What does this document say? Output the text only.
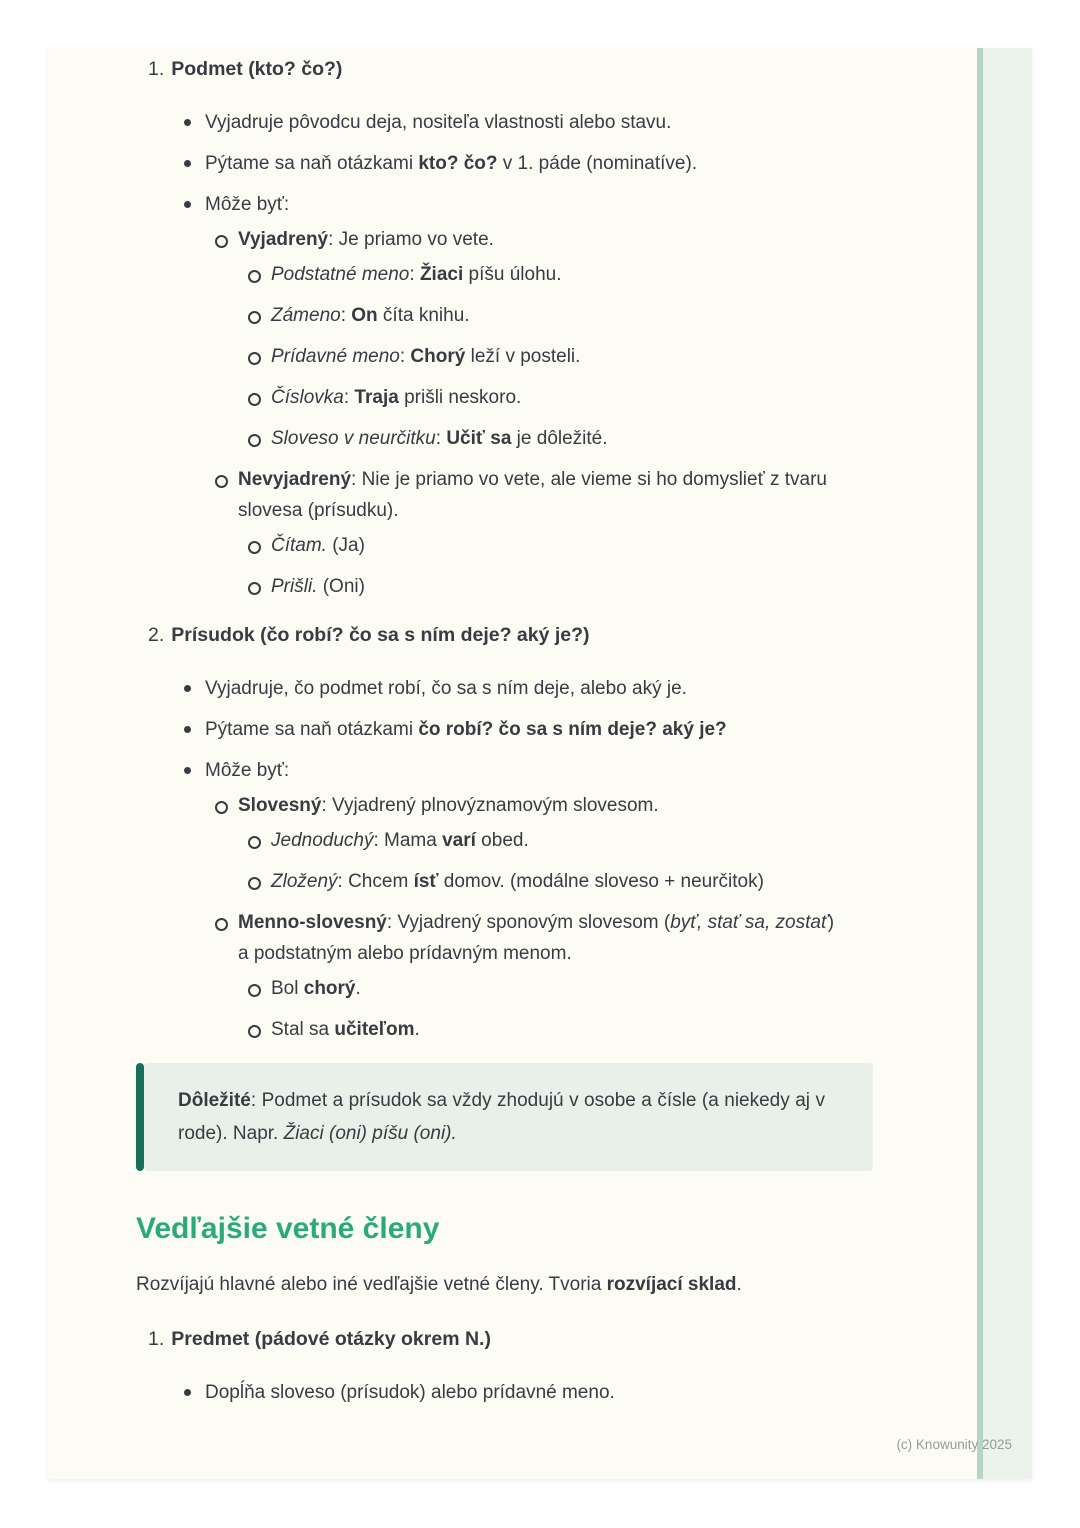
1. Podmet (kto? čo?)
Vyjadruje pôvodcu deja, nositeľa vlastnosti alebo stavu.
Pýtame sa naň otázkami kto? čo? v 1. páde (nominatíve).
Môže byť:
Vyjadrený: Je priamo vo vete.
Podstatné meno: Žiaci píšu úlohu.
Zámeno: On číta knihu.
Prídavné meno: Chorý leží v posteli.
Číslovka: Traja prišli neskoro.
Sloveso v neurčitku: Učiť sa je dôležité.
Nevyjadrený: Nie je priamo vo vete, ale vieme si ho domyslieť z tvaru slovesa (prísudku).
Čítam. (Ja)
Prišli. (Oni)
2. Prísudok (čo robí? čo sa s ním deje? aký je?)
Vyjadruje, čo podmet robí, čo sa s ním deje, alebo aký je.
Pýtame sa naň otázkami čo robí? čo sa s ním deje? aký je?
Môže byť:
Slovesný: Vyjadrený plnovýznamovým slovesom.
Jednoduchý: Mama varí obed.
Zložený: Chcem ísť domov. (modálne sloveso + neurčitok)
Menno-slovesný: Vyjadrený sponovým slovesom (byť, stať sa, zostať) a podstatným alebo prídavným menom.
Bol chorý.
Stal sa učiteľom.
Dôležité: Podmet a prísudok sa vždy zhodujú v osobe a čísle (a niekedy aj v rode). Napr. Žiaci (oni) píšu (oni).
Vedľajšie vetné členy

Rozvíjajú hlavné alebo iné vedľajšie vetné členy. Tvoria rozvíjací sklad.

1. Predmet (pádové otázky okrem N.)
Dopĺňa sloveso (prísudok) alebo prídavné meno.
(c) Knowunity 2025
